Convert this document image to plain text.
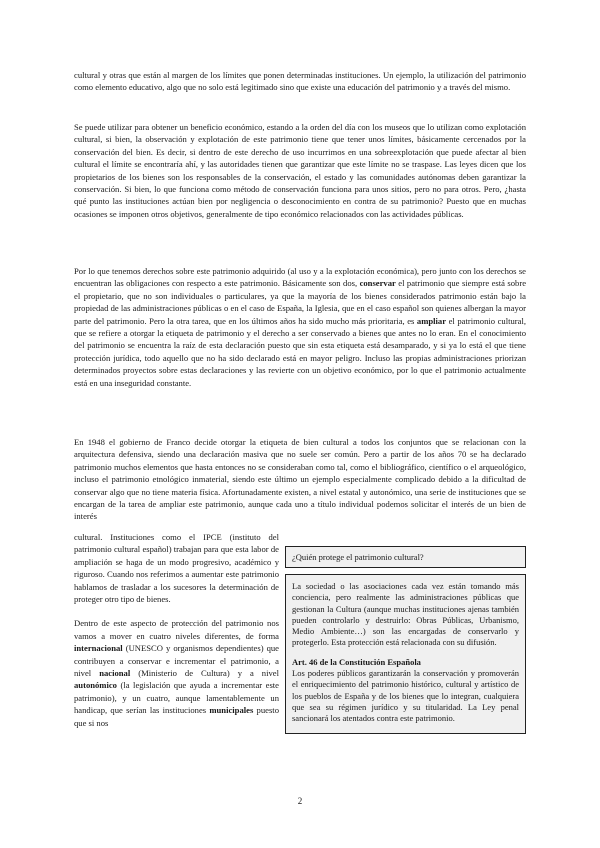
cultural y otras que están al margen de los límites que ponen determinadas instituciones. Un ejemplo, la utilización del patrimonio como elemento educativo, algo que no solo está legitimado sino que existe una educación del patrimonio y a través del mismo.

Se puede utilizar para obtener un beneficio económico, estando a la orden del día con los museos que lo utilizan como explotación cultural, si bien, la observación y explotación de este patrimonio tiene que tener unos límites, básicamente cercenados por la conservación del bien. Es decir, si dentro de este derecho de uso incurrimos en una sobreexplotación que puede afectar al bien cultural el límite se encontraría ahí, y las autoridades tienen que garantizar que este límite no se traspase. Las leyes dicen que los propietarios de los bienes son los responsables de la conservación, el estado y las comunidades autónomas deben garantizar la conservación. Si bien, lo que funciona como método de conservación funciona para unos sitios, pero no para otros. Pero, ¿hasta qué punto las instituciones actúan bien por negligencia o desconocimiento en contra de su patrimonio? Puesto que en muchas ocasiones se imponen otros objetivos, generalmente de tipo económico relacionados con las actividades públicas.

Por lo que tenemos derechos sobre este patrimonio adquirido (al uso y a la explotación económica), pero junto con los derechos se encuentran las obligaciones con respecto a este patrimonio. Básicamente son dos, conservar el patrimonio que siempre está sobre el propietario, que no son individuales o particulares, ya que la mayoría de los bienes considerados patrimonio están bajo la propiedad de las administraciones públicas o en el caso de España, la Iglesia, que en el caso español son quienes albergan la mayor parte del patrimonio. Pero la otra tarea, que en los últimos años ha sido mucho más prioritaria, es ampliar el patrimonio cultural, que se refiere a otorgar la etiqueta de patrimonio y el derecho a ser conservado a bienes que antes no lo eran. En el conocimiento del patrimonio se encuentra la raíz de esta declaración puesto que sin esta etiqueta está desamparado, y si ya lo está el que tiene protección jurídica, todo aquello que no ha sido declarado está en mayor peligro. Incluso las propias administraciones priorizan determinados proyectos sobre estas declaraciones y las revierte con un objetivo económico, por lo que el patrimonio actualmente está en una inseguridad constante.

En 1948 el gobierno de Franco decide otorgar la etiqueta de bien cultural a todos los conjuntos que se relacionan con la arquitectura defensiva, siendo una declaración masiva que no suele ser común. Pero a partir de los años 70 se ha declarado patrimonio muchos elementos que hasta entonces no se consideraban como tal, como el bibliográfico, científico o el arqueológico, incluso el patrimonio etnológico inmaterial, siendo este último un ejemplo especialmente complicado debido a la dificultad de conservar algo que no tiene materia física. Afortunadamente existen, a nivel estatal y autonómico, una serie de instituciones que se encargan de la tarea de ampliar este patrimonio, aunque cada uno a título individual podemos solicitar el interés de un bien de interés

cultural. Instituciones como el IPCE (instituto del patrimonio cultural español) trabajan para que esta labor de ampliación se haga de un modo progresivo, académico y riguroso. Cuando nos referimos a aumentar este patrimonio hablamos de trasladar a los sucesores la determinación de proteger otro tipo de bienes.

Dentro de este aspecto de protección del patrimonio nos vamos a mover en cuatro niveles diferentes, de forma internacional (UNESCO y organismos dependientes) que contribuyen a conservar e incrementar el patrimonio, a nivel nacional (Ministerio de Cultura) y a nivel autonómico (la legislación que ayuda a incrementar este patrimonio), y un cuatro, aunque lamentablemente un handicap, que serían las instituciones municipales puesto que si nos

¿Quién protege el patrimonio cultural?

La sociedad o las asociaciones cada vez están tomando más conciencia, pero realmente las administraciones públicas que gestionan la Cultura (aunque muchas instituciones ajenas también pueden controlarlo y destruirlo: Obras Públicas, Urbanismo, Medio Ambiente…) son las encargadas de conservarlo y protegerlo. Esta protección está relacionada con su difusión.

Art. 46 de la Constitución Española

Los poderes públicos garantizarán la conservación y promoverán el enriquecimiento del patrimonio histórico, cultural y artístico de los pueblos de España y de los bienes que lo integran, cualquiera que sea su régimen jurídico y su titularidad. La Ley penal sancionará los atentados contra este patrimonio.

2
